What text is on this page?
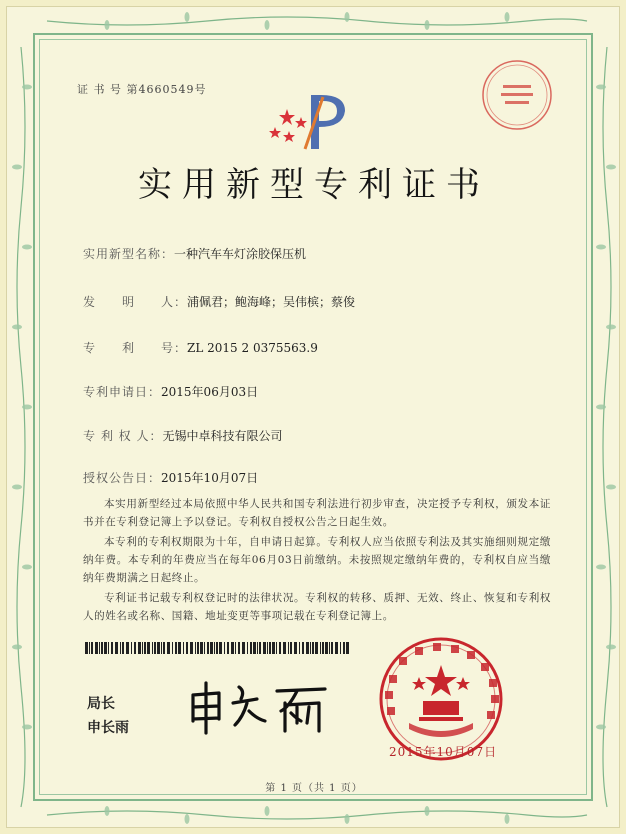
证 书 号 第4660549号
实用新型专利证书
实用新型名称：一种汽车车灯涂胶保压机
发　　明　　人：浦佩君；鲍海峰；吴伟槟；蔡俊
专　　利　　号：ZL 2015 2 0375563.9
专利申请日：2015年06月03日
专 利 权 人：无锡中卓科技有限公司
授权公告日：2015年10月07日
本实用新型经过本局依照中华人民共和国专利法进行初步审查，决定授予专利权，颁发本证书并在专利登记簿上予以登记。专利权自授权公告之日起生效。
本专利的专利权期限为十年，自申请日起算。专利权人应当依照专利法及其实施细则规定缴纳年费。本专利的年费应当在每年06月03日前缴纳。未按照规定缴纳年费的，专利权自应当缴纳年费期满之日起终止。
专利证书记载专利权登记时的法律状况。专利权的转移、质押、无效、终止、恢复和专利权人的姓名或名称、国籍、地址变更等事项记载在专利登记簿上。
局长
申长雨
2015年10月07日
第 1 页（共 1 页）
